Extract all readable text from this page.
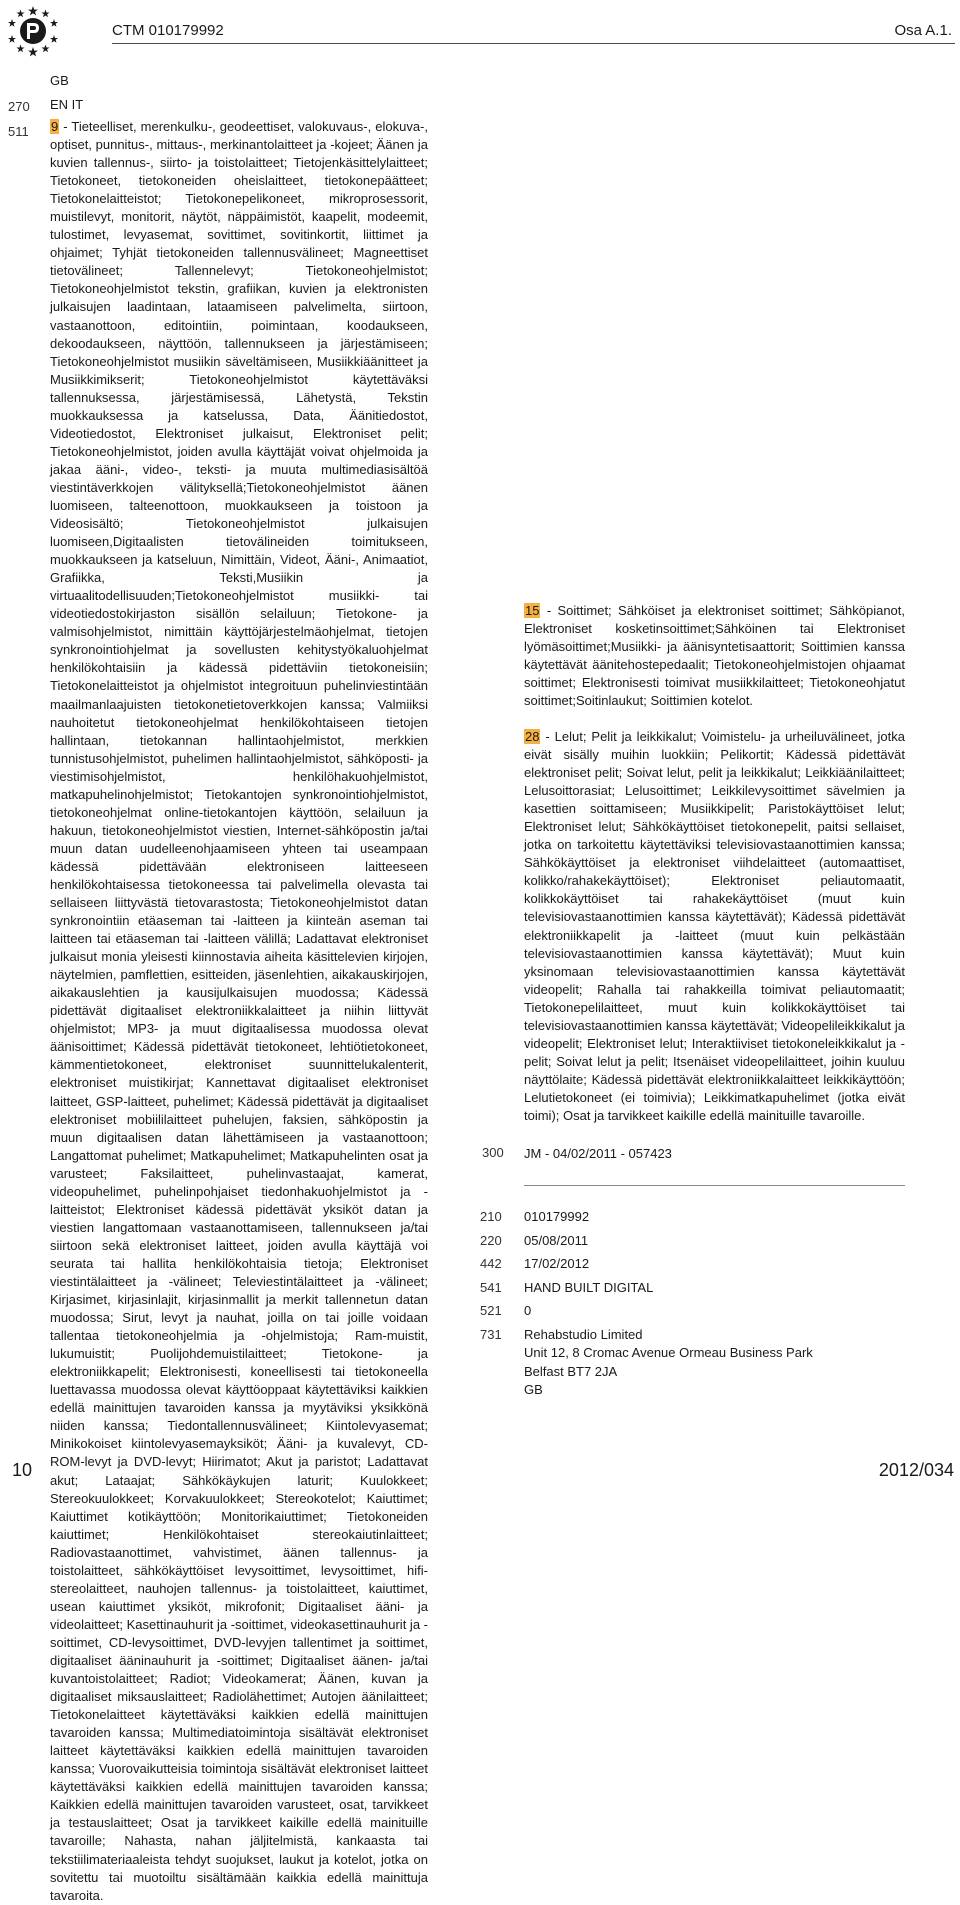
CTM 010179992	Osa A.1.
270
511
GB
EN IT

9 - Tieteelliset, merenkulku-, geodeettiset, valokuvaus-, elokuva-, optiset, punnitus-, mittaus-, merkinantolaitteet ja -kojeet; Äänen ja kuvien tallennus-, siirto- ja toistolaitteet; Tietojenkäsittelylaitteet; Tietokoneet, tietokoneiden oheislaitteet, tietokonepäätteet; Tietokonelaitteistot; Tietokonepelikoneet, mikroprosessorit, muistilevyt, monitorit, näytöt, näppäimistöt, kaapelit, modeemit, tulostimet, levyasemat, sovittimet, sovitinkortit, liittimet ja ohjaimet; Tyhjät tietokoneiden tallennusvälineet; Magneettiset tietovälineet; Tallennelevyt; Tietokoneohjelmistot; Tietokoneohjelmistot tekstin, grafiikan, kuvien ja elektronisten julkaisujen laadintaan, lataamiseen palvelimelta, siirtoon, vastaanottoon, editointiin, poimintaan, koodaukseen, dekoodaukseen, näyttöön, tallennukseen ja järjestämiseen; Tietokoneohjelmistot musiikin säveltämiseen, Musiikkiäänitteet ja Musiikkimikserit; Tietokoneohjelmistot käytettäväksi tallennuksessa, järjestämisessä, Lähetystä, Tekstin muokkauksessa ja katselussa, Data, Äänitiedostot, Videotiedostot, Elektroniset julkaisut, Elektroniset pelit; Tietokoneohjelmistot, joiden avulla käyttäjät voivat ohjelmoida ja jakaa ääni-, video-, teksti- ja muuta multimediasisältöä viestintäverkkojen välityksellä;Tietokoneohjelmistot äänen luomiseen, talteenottoon, muokkaukseen ja toistoon ja Videosisältö; Tietokoneohjelmistot julkaisujen luomiseen,Digitaalisten tietovälineiden toimitukseen, muokkaukseen ja katseluun, Nimittäin, Videot, Ääni-, Animaatiot, Grafiikka, Teksti,Musiikin ja virtuaalitodellisuuden;Tietokoneohjelmistot musiikki- tai videotiedostokirjaston sisällön selailuun; Tietokone- ja valmisohjelmistot, nimittäin käyttöjärjestelmäohjelmat, tietojen synkronointiohjelmat ja sovellusten kehitystyökaluohjelmat henkilökohtaisiin ja kädessä pidettäviin tietokoneisiin; Tietokonelaitteistot ja ohjelmistot integroituun puhelinviestintään maailmanlaajuisten tietokonetietoverkkojen kanssa; Valmiiksi nauhoitetut tietokoneohjelmat henkilökohtaiseen tietojen hallintaan, tietokannan hallintaohjelmistot, merkkien tunnistusohjelmistot, puhelimen hallintaohjelmistot, sähköposti- ja viestimisohjelmistot, henkilöhakuohjelmistot, matkapuhelinohjelmistot; Tietokantojen synkronointiohjelmistot, tietokoneohjelmat online-tietokantojen käyttöön, selailuun ja hakuun, tietokoneohjelmistot viestien, Internet-sähköpostin ja/tai muun datan uudelleenohjaamiseen yhteen tai useampaan kädessä pidettävään elektroniseen laitteeseen henkilökohtaisessa tietokoneessa tai palvelimella olevasta tai sellaiseen liittyvästä tietovarastosta; Tietokoneohjelmistot datan synkronointiin etäaseman tai -laitteen ja kiinteän aseman tai laitteen tai etäaseman tai -laitteen välillä; Ladattavat elektroniset julkaisut monia yleisesti kiinnostavia aiheita käsittelevien kirjojen, näytelmien, pamflettien, esitteiden, jäsenlehtien, aikakauskirjojen, aikakauslehtien ja kausijulkaisujen muodossa; Kädessä pidettävät digitaaliset elektroniikkalaitteet ja niihin liittyvät ohjelmistot; MP3- ja muut digitaalisessa muodossa olevat äänisoittimet; Kädessä pidettävät tietokoneet, lehtiötietokoneet, kämmentietokoneet, elektroniset suunnittelukalenterit, elektroniset muistikirjat; Kannettavat digitaaliset elektroniset laitteet, GSP-laitteet, puhelimet; Kädessä pidettävät ja digitaaliset elektroniset mobiililaitteet puhelujen, faksien, sähköpostin ja muun digitaalisen datan lähettämiseen ja vastaanottoon; Langattomat puhelimet; Matkapuhelimet; Matkapuhelinten osat ja varusteet; Faksilaitteet, puhelinvastaajat, kamerat, videopuhelimet, puhelinpohjaiset tiedonhakuohjelmistot ja -laitteistot; Elektroniset kädessä pidettävät yksiköt datan ja viestien langattomaan vastaanottamiseen, tallennukseen ja/tai siirtoon sekä elektroniset laitteet, joiden avulla käyttäjä voi seurata tai hallita henkilökohtaisia tietoja; Elektroniset viestintälaitteet ja -välineet; Televiestintälaitteet ja -välineet; Kirjasimet, kirjasinlajit, kirjasinmallit ja merkit tallennetun datan muodossa; Sirut, levyt ja nauhat, joilla on tai joille voidaan tallentaa tietokoneohjelmia ja -ohjelmistoja; Ram-muistit, lukumuistit; Puolijohdemuistilaitteet; Tietokone- ja elektroniikkapelit; Elektronisesti, koneellisesti tai tietokoneella luettavassa muodossa olevat käyttöoppaat käytettäviksi kaikkien edellä mainittujen tavaroiden kanssa ja myytäviksi yksikkönä niiden kanssa; Tiedontallennusvälineet; Kiintolevyasemat; Minikokoiset kiintolevyasemayksiköt; Ääni- ja kuvalevyt, CD-ROM-levyt ja DVD-levyt; Hiirimatot; Akut ja paristot; Ladattavat akut; Lataajat; Sähkökäykujen laturit; Kuulokkeet; Stereokuulokkeet; Korvakuulokkeet; Stereokotelot; Kaiuttimet; Kaiuttimet kotikäyttöön; Monitorikaiuttimet; Tietokoneiden kaiuttimet; Henkilökohtaiset stereokaiutinlaitteet; Radiovastaanottimet, vahvistimet, äänen tallennus- ja toistolaitteet, sähkökäyttöiset levysoittimet, levysoittimet, hifi-stereolaitteet, nauhojen tallennus- ja toistolaitteet, kaiuttimet, usean kaiuttimet yksiköt, mikrofonit; Digitaaliset ääni- ja videolaitteet; Kasettinauhurit ja -soittimet, videokasettinauhurit ja -soittimet, CD-levysoittimet, DVD-levyjen tallentimet ja soittimet, digitaaliset ääninauhurit ja -soittimet; Digitaaliset äänen- ja/tai kuvantoistolaitteet; Radiot; Videokamerat; Äänen, kuvan ja digitaaliset miksauslaitteet; Radiolähettimet; Autojen äänilaitteet; Tietokonelaitteet käytettäväksi kaikkien edellä mainittujen tavaroiden kanssa; Multimediatoimintoja sisältävät elektroniset laitteet käytettäväksi kaikkien edellä mainittujen tavaroiden kanssa; Vuorovaikutteisia toimintoja sisältävät elektroniset laitteet käytettäväksi kaikkien edellä mainittujen tavaroiden kanssa; Kaikkien edellä mainittujen tavaroiden varusteet, osat, tarvikkeet ja testauslaitteet; Osat ja tarvikkeet kaikille edellä mainituille tavaroille; Nahasta, nahan jäljitelmistä, kankaasta tai tekstiilimateriaaleista tehdyt suojukset, laukut ja kotelot, jotka on sovitettu tai muotoiltu sisältämään kaikkia edellä mainittuja tavaroita.

15 - Soittimet; Sähköiset ja elektroniset soittimet; Sähköpianot, Elektroniset kosketinsoittimet;Sähköinen tai Elektroniset lyömäsoittimet;Musiikki- ja äänisyntetisaattorit; Soittimien kanssa käytettävät äänitehostepedaalit; Tietokoneohjelmistojen ohjaamat soittimet; Elektronisesti toimivat musiikkilaitteet; Tietokoneohjatut soittimet;Soitinlaukut; Soittimien kotelot.

28 - Lelut; Pelit ja leikkikalut; Voimistelu- ja urheiluvälineet, jotka eivät sisälly muihin luokkiin; Pelikortit; Kädessä pidettävät elektroniset pelit; Soivat lelut, pelit ja leikkikalut; Leikkiäänilaitteet; Lelusoittorasiat; Lelusoittimet; Leikkilevysoittimet sävelmien ja kasettien soittamiseen; Musiikkipelit; Paristokäyttöiset lelut; Elektroniset lelut; Sähkökäyttöiset tietokonepelit, paitsi sellaiset, jotka on tarkoitettu käytettäviksi televisiovastaanottimien kanssa; Sähkökäyttöiset ja elektroniset viihdelaitteet (automaattiset, kolikko/rahakekäyttöiset); Elektroniset peliautomaatit, kolikkokäyttöiset tai rahakekäyttöiset (muut kuin televisiovastaanottimien kanssa käytettävät); Kädessä pidettävät elektroniikkapelit ja -laitteet (muut kuin pelkästään televisiovastaanottimien kanssa käytettävät); Muut kuin yksinomaan televisiovastaanottimien kanssa käytettävät videopelit; Rahalla tai rahakkeilla toimivat peliautomaatit; Tietokonepelilaitteet, muut kuin kolikkokäyttöiset tai televisiovastaanottimien kanssa käytettävät; Videopelileikkikalut ja videopelit; Elektroniset lelut; Interaktiiviset tietokoneleikkikalut ja -pelit; Soivat lelut ja pelit; Itsenäiset videopelilaitteet, joihin kuuluu näyttölaite; Kädessä pidettävät elektroniikkalaitteet leikkikäyttöön; Lelutietokoneet (ei toimivia); Leikkimatkapuhelimet (jotka eivät toimi); Osat ja tarvikkeet kaikille edellä mainituille tavaroille.

300 JM - 04/02/2011 - 057423
210	010179992
220	05/08/2011
442	17/02/2012
541	HAND BUILT DIGITAL
521	0
731	Rehabstudio Limited
Unit 12, 8 Cromac Avenue Ormeau Business Park
Belfast BT7 2JA
GB
10	2012/034
